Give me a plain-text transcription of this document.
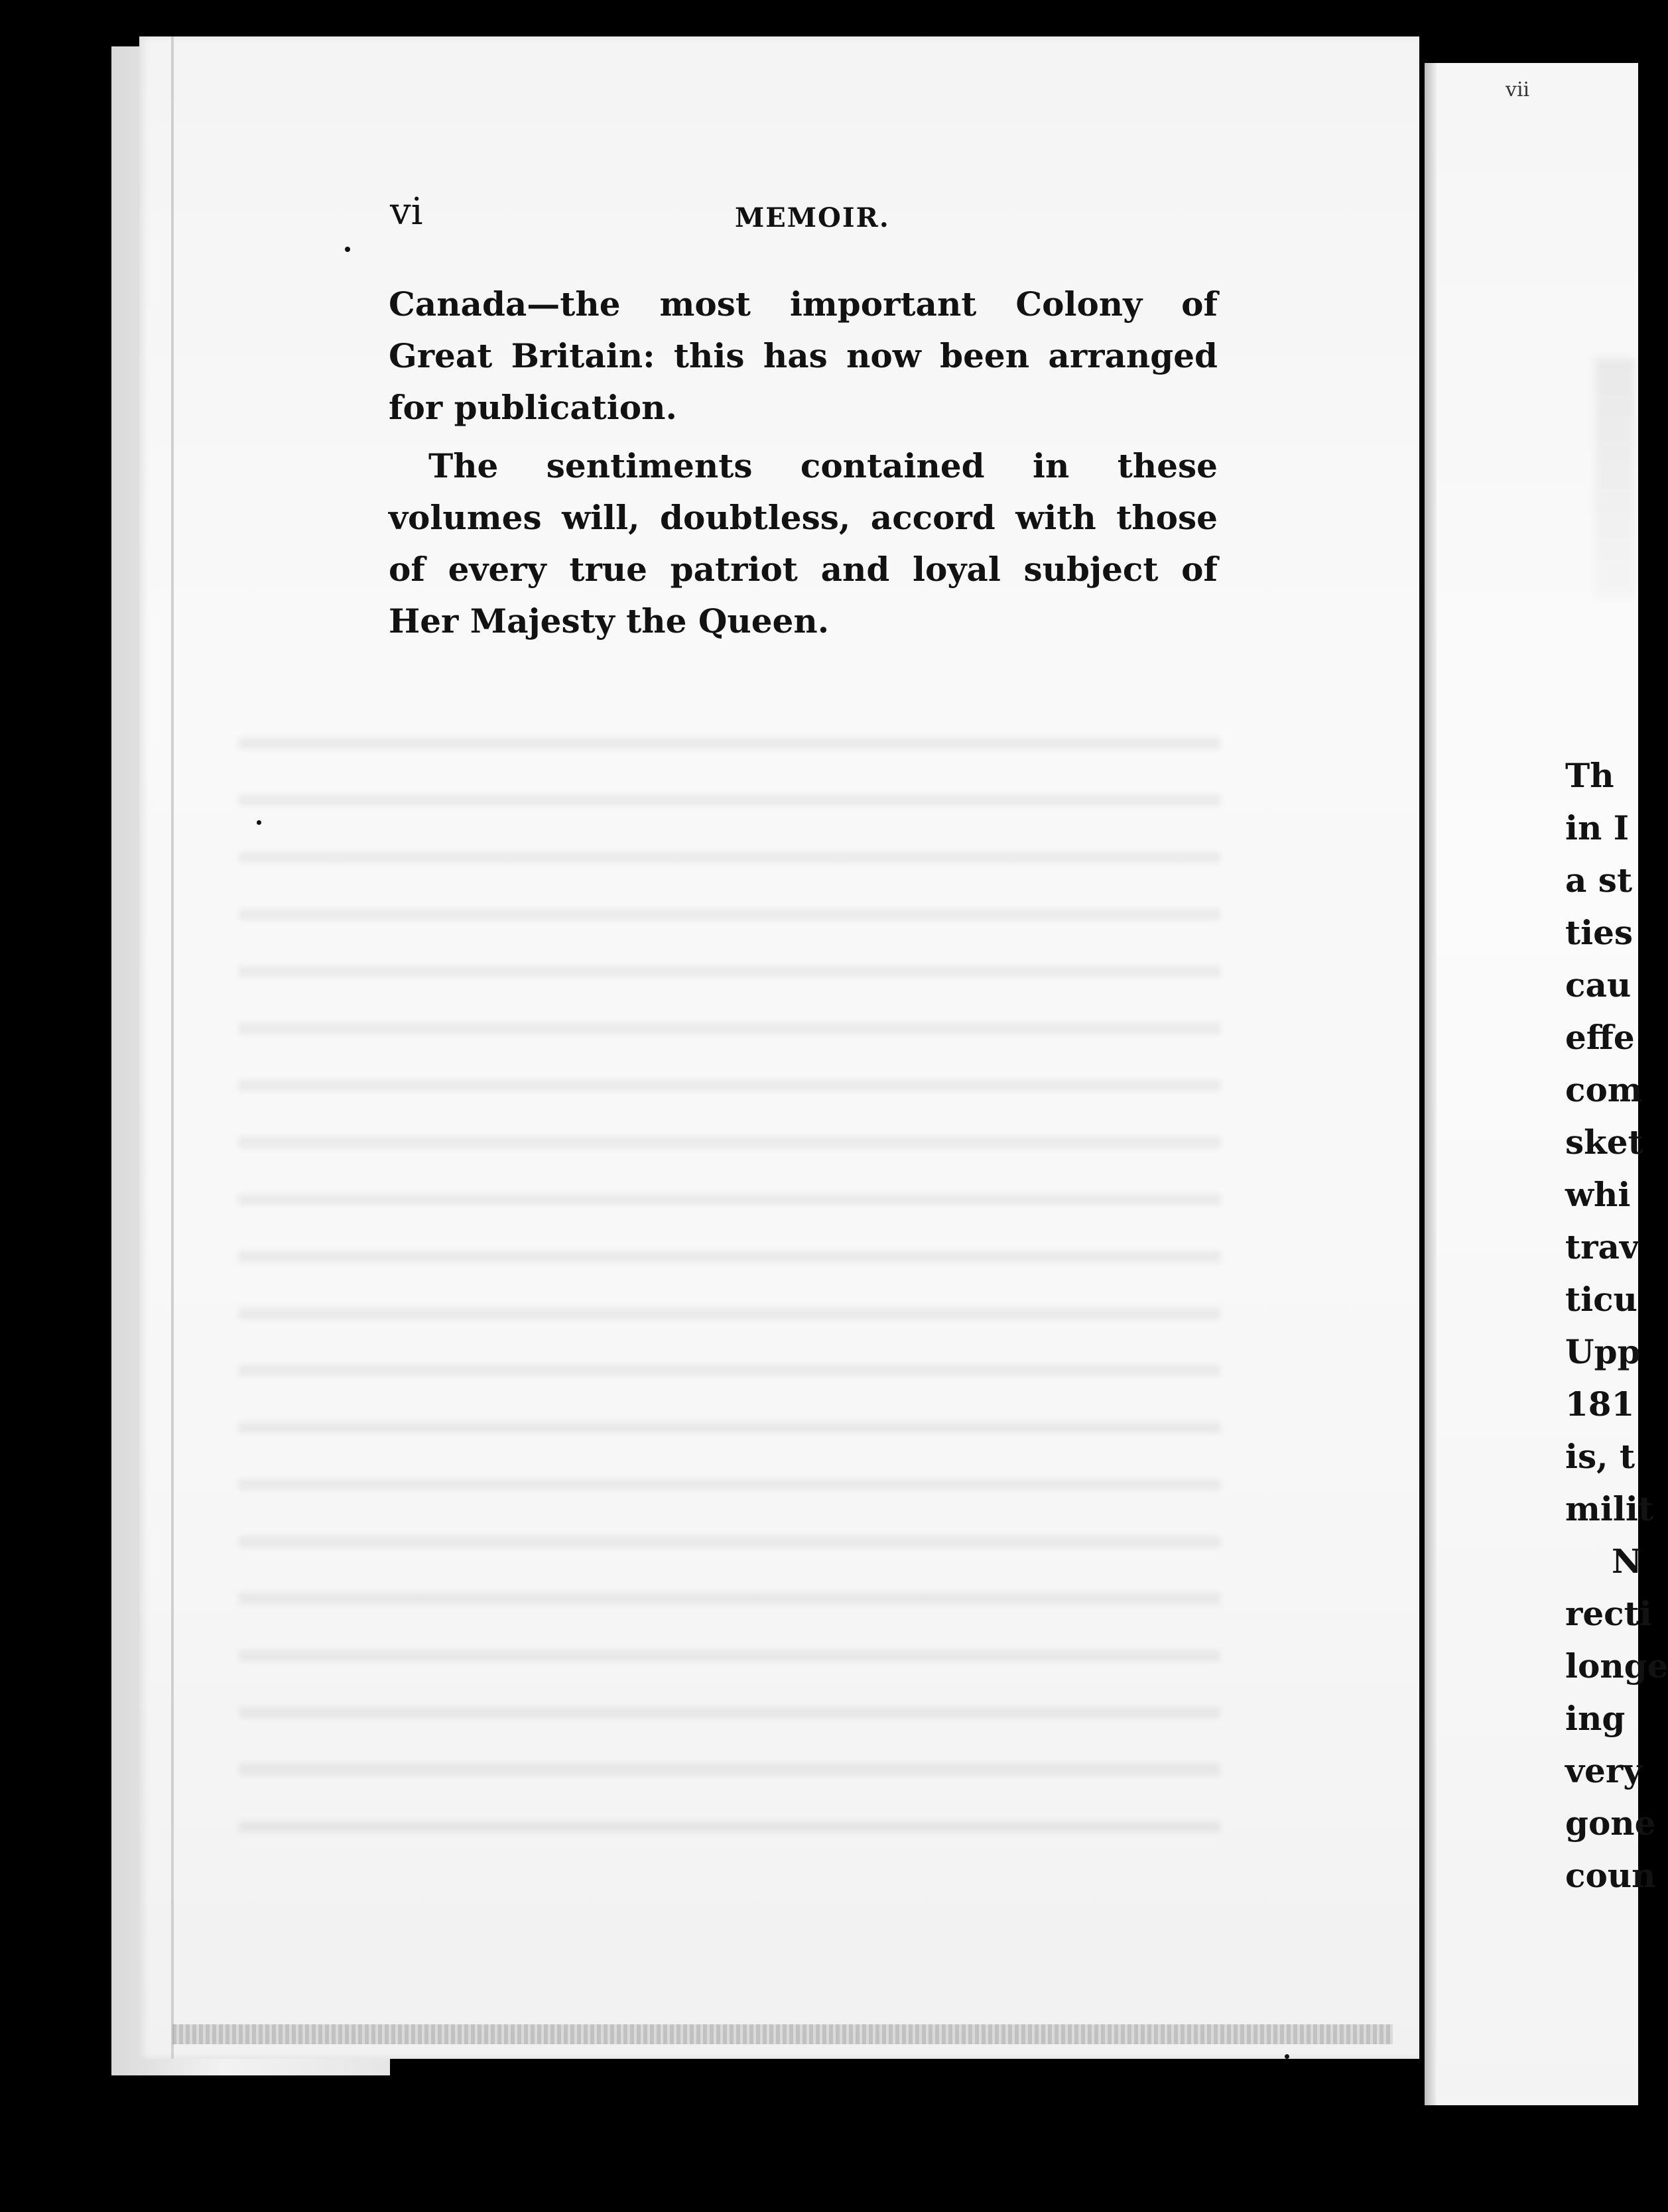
vi	MEMOIR.

Canada—the most important Colony of Great Britain: this has now been arranged for publication.

The sentiments contained in these volumes will, doubtless, accord with those of every true patriot and loyal subject of Her Majesty the Queen.

vii
Th
in I
a st
ties
cau
effe
com
sket
whi
trav
ticu
Upp
181
is, t
milit
N
recti
longe
ing
very
gone
coun
